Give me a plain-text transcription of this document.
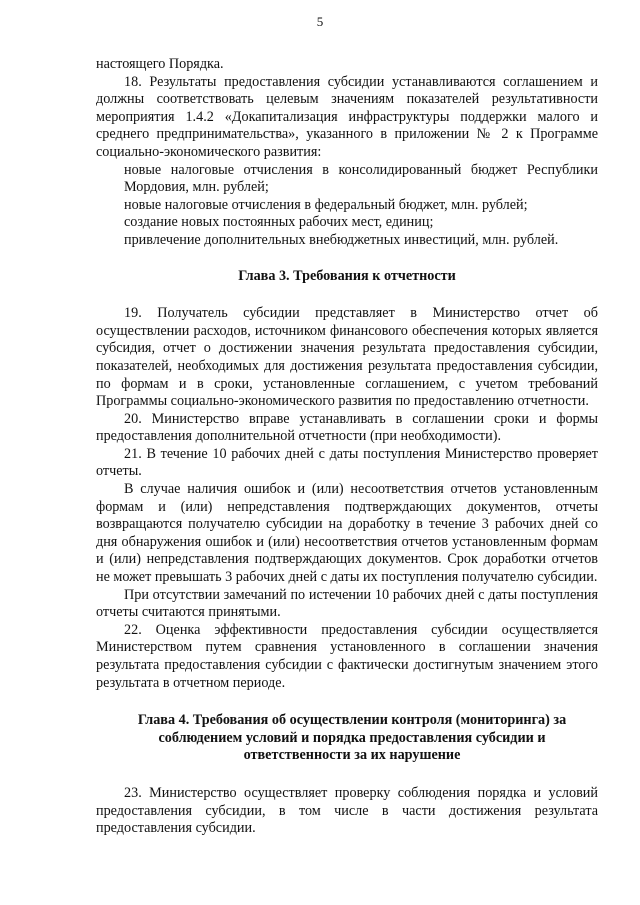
5

настоящего Порядка.

18. Результаты предоставления субсидии устанавливаются соглашением и должны соответствовать целевым значениям показателей результативности мероприятия 1.4.2 «Докапитализация инфраструктуры поддержки малого и среднего предпринимательства», указанного в приложении № 2 к Программе социально-экономического развития:

новые налоговые отчисления в консолидированный бюджет Республики Мордовия, млн. рублей;

новые налоговые отчисления в федеральный бюджет, млн. рублей;

создание новых постоянных рабочих мест, единиц;

привлечение дополнительных внебюджетных инвестиций, млн. рублей.

Глава 3. Требования к отчетности

19. Получатель субсидии представляет в Министерство отчет об осуществлении расходов, источником финансового обеспечения которых является субсидия, отчет о достижении значения результата предоставления субсидии, показателей, необходимых для достижения результата предоставления субсидии, по формам и в сроки, установленные соглашением, с учетом требований Программы социально-экономического развития по предоставлению отчетности.

20. Министерство вправе устанавливать в соглашении сроки и формы предоставления дополнительной отчетности (при необходимости).

21. В течение 10 рабочих дней с даты поступления Министерство проверяет отчеты.

В случае наличия ошибок и (или) несоответствия отчетов установленным формам и (или) непредставления подтверждающих документов, отчеты возвращаются получателю субсидии на доработку в течение 3 рабочих дней со дня обнаружения ошибок и (или) несоответствия отчетов установленным формам и (или) непредставления подтверждающих документов. Срок доработки отчетов не может превышать 3 рабочих дней с даты их поступления получателю субсидии.

При отсутствии замечаний по истечении 10 рабочих дней с даты поступления отчеты считаются принятыми.

22. Оценка эффективности предоставления субсидии осуществляется Министерством путем сравнения установленного в соглашении значения результата предоставления субсидии с фактически достигнутым значением этого результата в отчетном периоде.

Глава 4. Требования об осуществлении контроля (мониторинга) за
соблюдением условий и порядка предоставления субсидии и
ответственности за их нарушение

23. Министерство осуществляет проверку соблюдения порядка и условий предоставления субсидии, в том числе в части достижения результата предоставления субсидии.
